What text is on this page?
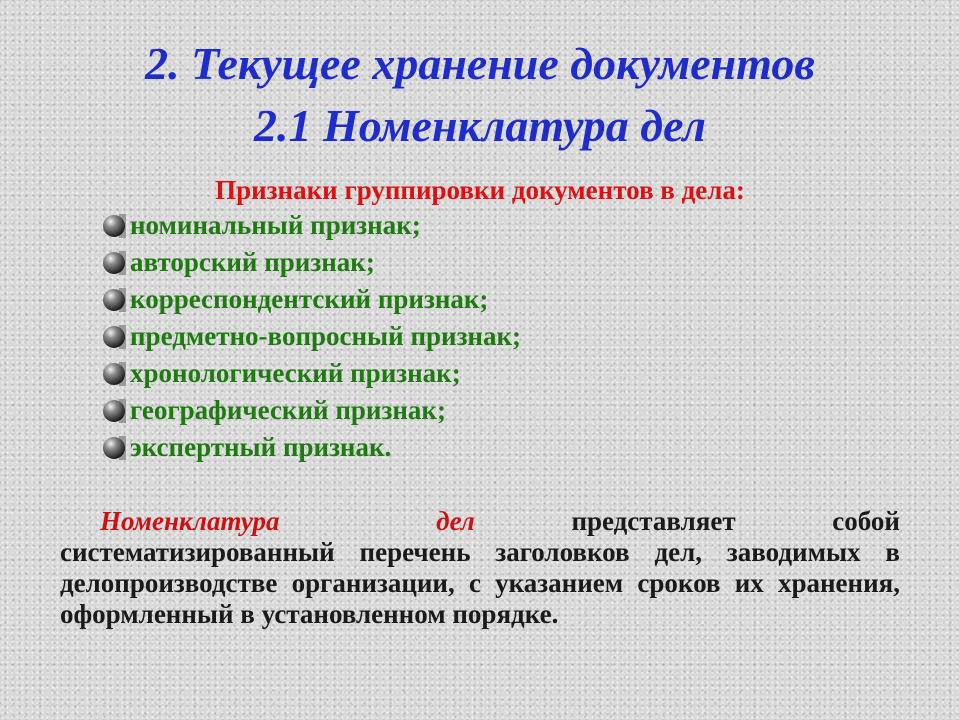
2. Текущее хранение документов
2.1 Номенклатура дел

Признаки группировки документов в дела:

номинальный признак;
авторский признак;
корреспондентский признак;
предметно-вопросный признак;
хронологический признак;
географический признак;
экспертный признак.

Номенклатура дел представляет собой систематизированный перечень заголовков дел, заводимых в делопроизводстве организации, с указанием сроков их хранения, оформленный в установленном порядке.
